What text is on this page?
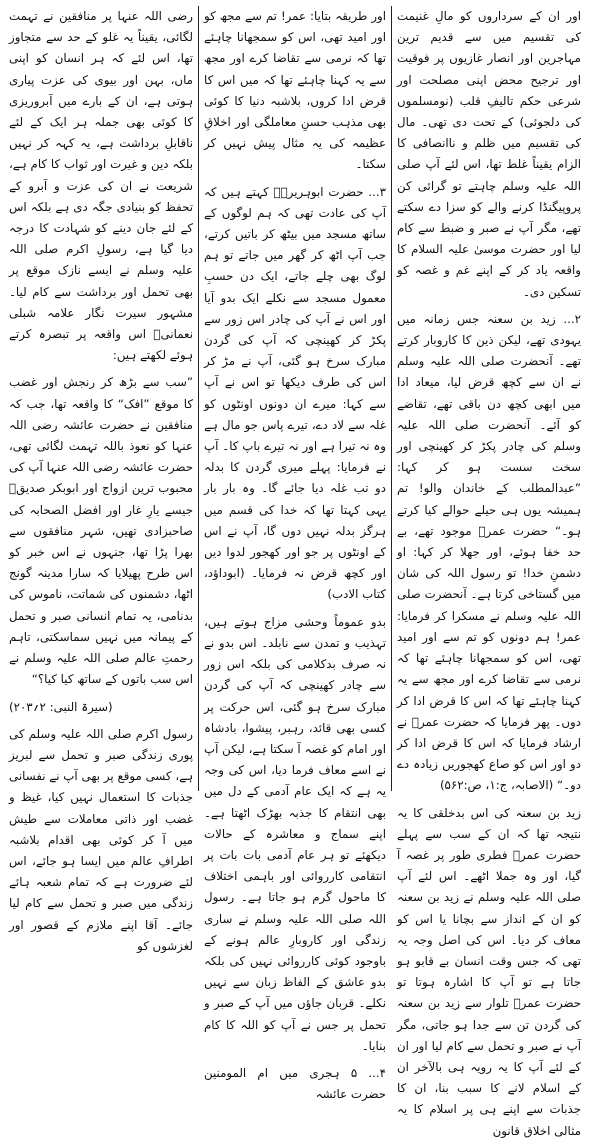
اور ان کے سرداروں کو مالِ غنیمت کی تقسیم میں سے قدیم ترین مہاجرین اور انصار غازیوں پر فوقیت اور ترجیح محض اپنی مصلحت اور شرعی حکم تالیفِ قلب (نومسلموں کی دلجوئی) کے تحت دی تھی۔ مال کی تقسیم میں ظلم و ناانصافی کا الزام یقیناً غلط تھا، اس لئے آپ صلی اللہ علیہ وسلم چاہتے تو گرائی کن پروپیگنڈا کرنے والے کو سزا دے سکتے تھے، مگر آپ نے صبر و ضبط سے کام لیا اور حضرت موسیٰ علیہ السلام کا واقعہ یاد کر کے اپنے غم و غصہ کو تسکین دی۔

۲... زید بن سعنہ جس زمانہ میں یہودی تھے، لیکن ذین کا کاروبار کرتے تھے۔ آنحضرت صلی اللہ علیہ وسلم نے ان سے کچھ قرض لیا، میعاد ادا میں ابھی کچھ دن باقی تھے، تقاضے کو آئے۔ آنحضرت صلی اللہ علیہ وسلم کی چادر پکڑ کر کھینچی اور سخت سست ہو کر کہا: ”عبدالمطلب کے خاندان والو! تم ہمیشہ یوں ہی حیلے حوالے کیا کرتے ہو۔“ حضرت عمرؓ موجود تھے، بے حد خفا ہوئے، اور جھلا کر کہا: او دشمنِ خدا! تو رسول اللہ کی شان میں گستاخی کرتا ہے۔ آنحضرت صلی اللہ علیہ وسلم نے مسکرا کر فرمایا: عمر! ہم دونوں کو تم سے اور امید تھی، اس کو سمجھانا چاہئے تھا کہ نرمی سے تقاضا کرے اور مجھ سے یہ کہنا چاہئے تھا کہ اس کا قرض ادا کر دوں۔ پھر فرمایا کہ حضرت عمرؓ نے ارشاد فرمایا کہ اس کا قرض ادا کر دو اور اس کو صاع کھجوریں زیادہ دے دو۔“ (الاصابہ، ج:۱، ص:۵۶۲)

زید بن سعنہ کی اس بدخلقی کا یہ نتیجہ تھا کہ ان کے سب سے پہلے حضرت عمرؓ فطری طور پر غصہ آ گیا، اور وہ جملا اٹھے۔ اس لئے آپ صلی اللہ علیہ وسلم نے زید بن سعنہ کو ان کے انداز سے بچانا یا اس کو معاف کر دیا۔ اس کی اصل وجہ یہ تھی کہ جس وقت انسان بے قابو ہو جاتا ہے تو آپ کا اشارہ ہوتا تو حضرت عمرؓ تلوار سے زید بن سعنہ کی گردن تن سے جدا ہو جاتی، مگر آپ نے صبر و تحمل سے کام لیا اور ان کے لئے آپ کا یہ رویہ ہی بالآخر ان کے اسلام لانے کا سبب بنا، ان کا جذبات سے اپنے ہی پر اسلام کا یہ مثالی اخلاق قانون

اور طریقہ بتایا: عمر! تم سے مجھ کو اور امید تھی، اس کو سمجھانا چاہئے تھا کہ نرمی سے تقاضا کرے اور مجھ سے یہ کہنا چاہئے تھا کہ میں اس کا قرض ادا کروں، بلاشبہ دنیا کا کوئی بھی مذہب حسنِ معاملگی اور اخلاقِ عظیمہ کی یہ مثال پیش نہیں کر سکتا۔

۳... حضرت ابوہریرہؓ کہتے ہیں کہ آپ کی عادت تھی کہ ہم لوگوں کے ساتھ مسجد میں بیٹھ کر باتیں کرتے، جب آپ اٹھ کر گھر میں جاتے تو ہم لوگ بھی چلے جاتے، ایک دن حسبِ معمول مسجد سے نکلے ایک بدو آیا اور اس نے آپ کی چادر اس زور سے پکڑ کر کھینچی کہ آپ کی گردن مبارک سرخ ہو گئی، آپ نے مڑ کر اس کی طرف دیکھا تو اس نے آپ سے کہا: میرے ان دونوں اونٹوں کو غلہ سے لاد دے، تیرے پاس جو مال ہے وہ نہ تیرا ہے اور نہ تیرے باپ کا۔ آپ نے فرمایا: پہلے میری گردن کا بدلہ دو تب غلہ دیا جائے گا۔ وہ بار بار یہی کہتا تھا کہ خدا کی قسم میں ہرگز بدلہ نہیں دوں گا، آپ نے اس کے اونٹوں پر جو اور کھجور لدوا دیں اور کچھ قرض نہ فرمایا۔ (ابوداؤد، کتاب الادب)

بدو عموماً وحشی مزاج ہوتے ہیں، تہذیب و تمدن سے نابلد۔ اس بدو نے نہ صرف بدکلامی کی بلکہ اس زور سے چادر کھینچی کہ آپ کی گردن مبارک سرخ ہو گئی، اس حرکت پر کسی بھی قائد، رہبر، پیشوا، بادشاہ اور امام کو غصہ آ سکتا ہے، لیکن آپ نے اسے معاف فرما دیا، اس کی وجہ یہ ہے کہ ایک عام آدمی کے دل میں بھی انتقام کا جذبہ بھڑک اٹھتا ہے۔ اپنے سماج و معاشرہ کے حالات دیکھئے تو ہر عام آدمی بات بات پر انتقامی کارروائی اور باہمی اختلاف کا ماحول گرم ہو جاتا ہے۔ رسول اللہ صلی اللہ علیہ وسلم نے ساری زندگی اور کاروبارِ عالم ہونے کے باوجود کوئی کارروائی نہیں کی بلکہ بدو عاشق کے الفاظ زبان سے نہیں نکلے۔ قربان جاؤں میں آپ کے صبر و تحمل پر جس نے آپ کو اللہ کا کام بنایا۔

۴... ۵ ہجری میں ام المومنین حضرت عائشہ

رضی اللہ عنہا پر منافقین نے تہمت لگائی، یقیناً یہ غلو کے حد سے متجاوز تھا، اس لئے کہ ہر انسان کو اپنی ماں، بہن اور بیوی کی عزت پیاری ہوتی ہے، ان کے بارے میں آبروریزی کا کوئی بھی جملہ ہر ایک کے لئے ناقابلِ برداشت ہے، یہ کہہ کر نہیں بلکہ دین و غیرت اور ثواب کا کام ہے، شریعت نے ان کی عزت و آبرو کے تحفظ کو بنیادی جگہ دی ہے بلکہ اس کے لئے جان دینے کو شہادت کا درجہ دیا گیا ہے، رسولِ اکرم صلی اللہ علیہ وسلم نے ایسے نازک موقع پر بھی تحمل اور برداشت سے کام لیا۔ مشہور سیرت نگار علامہ شبلی نعمانیؒ اس واقعہ پر تبصرہ کرتے ہوئے لکھتے ہیں:

”سب سے بڑھ کر رنجش اور غضب کا موقع ”افک“ کا واقعہ تھا، جب کہ منافقین نے حضرت عائشہ رضی اللہ عنہا کو نعوذ باللہ تہمت لگائی تھی، حضرت عائشہ رضی اللہ عنہا آپ کی محبوب ترین ازواج اور ابوبکر صدیقؓ جیسے یارِ غار اور افضل الصحابہ کی صاحبزادی تھیں، شہر منافقوں سے بھرا پڑا تھا، جنہوں نے اس خبر کو اس طرح پھیلایا کہ سارا مدینہ گونج اٹھا، دشمنوں کی شماتت، ناموس کی بدنامی، یہ تمام انسانی صبر و تحمل کے پیمانہ میں نہیں سماسکتی، تاہم رحمتِ عالم صلی اللہ علیہ وسلم نے اس سب باتوں کے ساتھ کیا کیا؟“

(سیرۃ النبی: ۲؍۲۰۳)

رسول اکرم صلی اللہ علیہ وسلم کی پوری زندگی صبر و تحمل سے لبریز ہے، کسی موقع پر بھی آپ نے نفسانی جذبات کا استعمال نہیں کیا، غیظ و غضب اور ذاتی معاملات سے طیش میں آ کر کوئی بھی اقدام بلاشبہ اطرافِ عالم میں ایسا ہو جائے، اس لئے ضرورت ہے کہ تمام شعبہ ہائے زندگی میں صبر و تحمل سے کام لیا جائے۔ آقا اپنے ملازم کے قصور اور لغزشوں کو
